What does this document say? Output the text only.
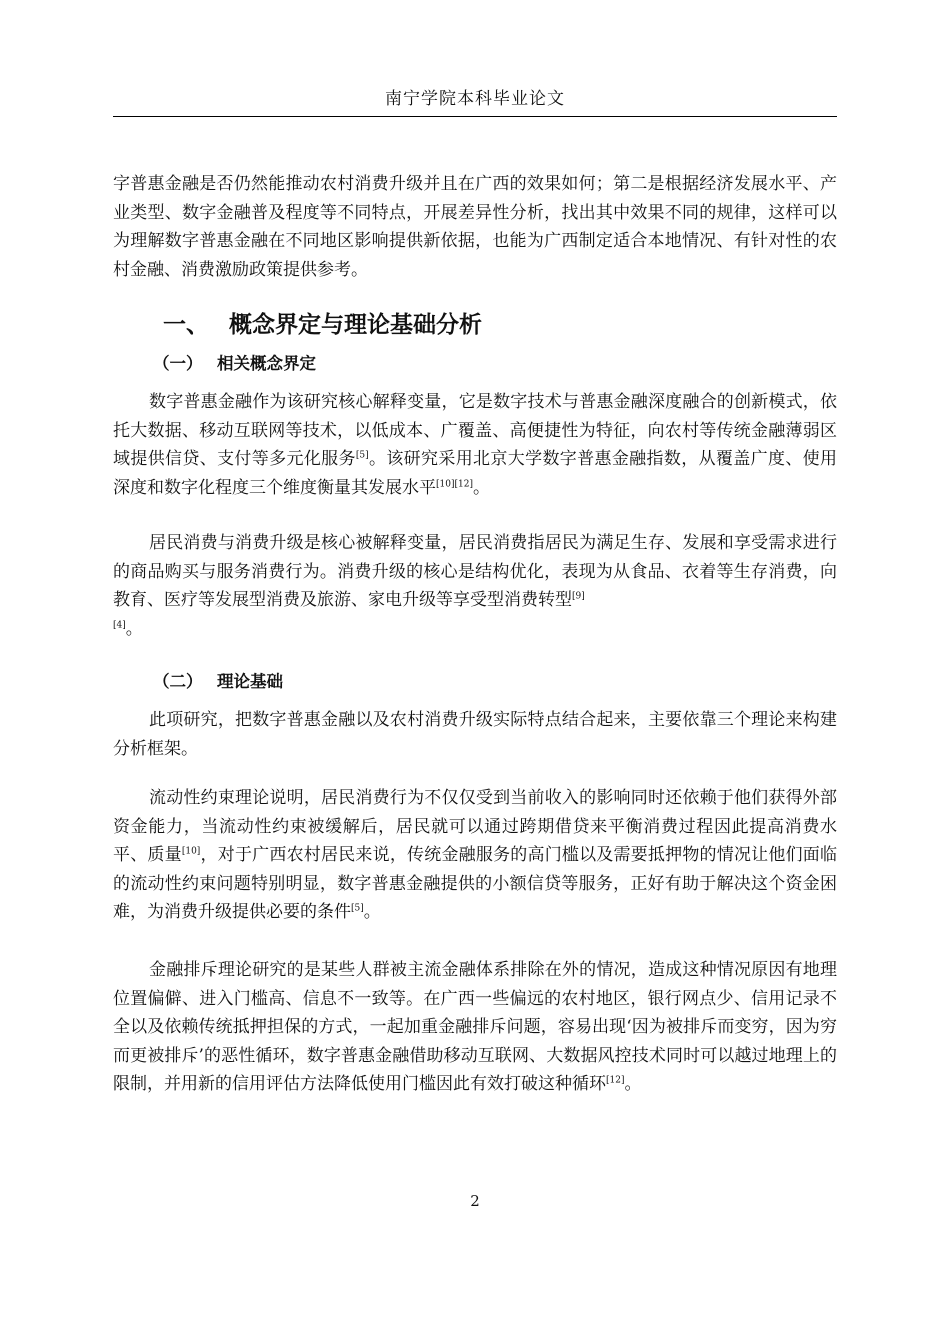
南宁学院本科毕业论文

字普惠金融是否仍然能推动农村消费升级并且在广西的效果如何；第二是根据经济发展水平、产业类型、数字金融普及程度等不同特点，开展差异性分析，找出其中效果不同的规律，这样可以为理解数字普惠金融在不同地区影响提供新依据，也能为广西制定适合本地情况、有针对性的农村金融、消费激励政策提供参考。

一、 概念界定与理论基础分析
（一） 相关概念界定

数字普惠金融作为该研究核心解释变量，它是数字技术与普惠金融深度融合的创新模式，依托大数据、移动互联网等技术，以低成本、广覆盖、高便捷性为特征，向农村等传统金融薄弱区域提供信贷、支付等多元化服务[5]。该研究采用北京大学数字普惠金融指数，从覆盖广度、使用深度和数字化程度三个维度衡量其发展水平[10][12]。

居民消费与消费升级是核心被解释变量，居民消费指居民为满足生存、发展和享受需求进行的商品购买与服务消费行为。消费升级的核心是结构优化，表现为从食品、衣着等生存消费，向教育、医疗等发展型消费及旅游、家电升级等享受型消费转型[9]
[4]。

（二） 理论基础

此项研究，把数字普惠金融以及农村消费升级实际特点结合起来，主要依靠三个理论来构建分析框架。

流动性约束理论说明，居民消费行为不仅仅受到当前收入的影响同时还依赖于他们获得外部资金能力，当流动性约束被缓解后，居民就可以通过跨期借贷来平衡消费过程因此提高消费水平、质量[10]，对于广西农村居民来说，传统金融服务的高门槛以及需要抵押物的情况让他们面临的流动性约束问题特别明显，数字普惠金融提供的小额信贷等服务，正好有助于解决这个资金困难，为消费升级提供必要的条件[5]。

金融排斥理论研究的是某些人群被主流金融体系排除在外的情况，造成这种情况原因有地理位置偏僻、进入门槛高、信息不一致等。在广西一些偏远的农村地区，银行网点少、信用记录不全以及依赖传统抵押担保的方式，一起加重金融排斥问题，容易出现‘因为被排斥而变穷，因为穷而更被排斥’的恶性循环，数字普惠金融借助移动互联网、大数据风控技术同时可以越过地理上的限制，并用新的信用评估方法降低使用门槛因此有效打破这种循环[12]。

2
